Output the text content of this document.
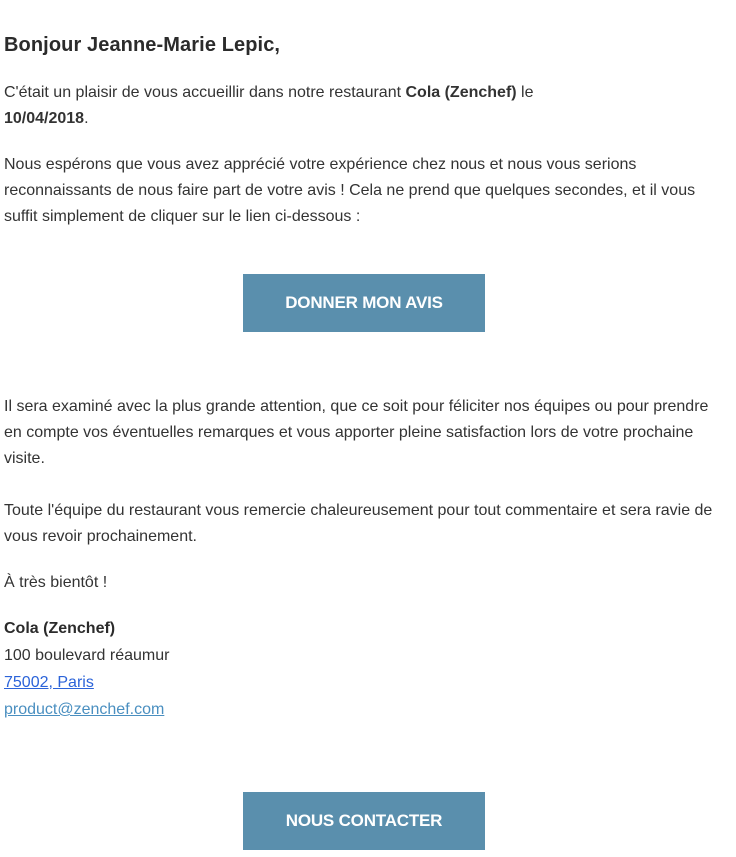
Bonjour Jeanne-Marie Lepic,

C'était un plaisir de vous accueillir dans notre restaurant Cola (Zenchef) le
10/04/2018.

Nous espérons que vous avez apprécié votre expérience chez nous et nous vous serions reconnaissants de nous faire part de votre avis ! Cela ne prend que quelques secondes, et il vous suffit simplement de cliquer sur le lien ci-dessous :

DONNER MON AVIS

Il sera examiné avec la plus grande attention, que ce soit pour féliciter nos équipes ou pour prendre en compte vos éventuelles remarques et vous apporter pleine satisfaction lors de votre prochaine visite.

Toute l'équipe du restaurant vous remercie chaleureusement pour tout commentaire et sera ravie de vous revoir prochainement.

À très bientôt !

Cola (Zenchef)
100 boulevard réaumur
75002, Paris
product@zenchef.com
NOUS CONTACTER
